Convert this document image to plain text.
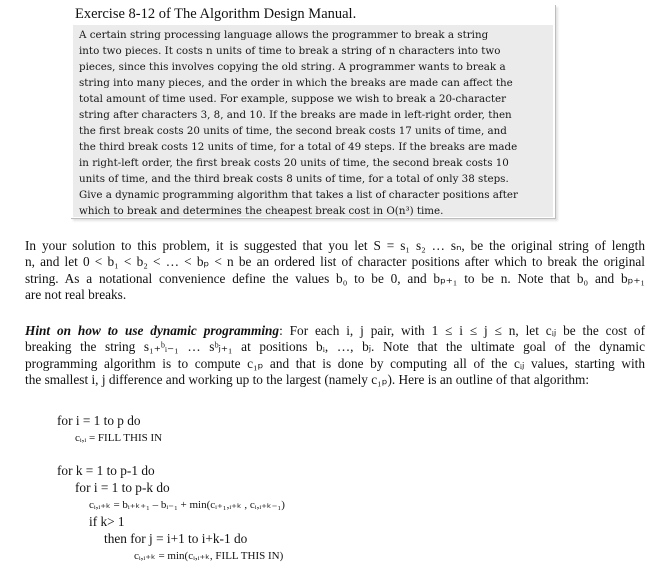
Exercise 8-12 of The Algorithm Design Manual.
A certain string processing language allows the programmer to break a string
into two pieces. It costs n units of time to break a string of n characters into two
pieces, since this involves copying the old string. A programmer wants to break a
string into many pieces, and the order in which the breaks are made can affect the
total amount of time used. For example, suppose we wish to break a 20-character
string after characters 3, 8, and 10. If the breaks are made in left-right order, then
the first break costs 20 units of time, the second break costs 17 units of time, and
the third break costs 12 units of time, for a total of 49 steps. If the breaks are made
in right-left order, the first break costs 20 units of time, the second break costs 10
units of time, and the third break costs 8 units of time, for a total of only 38 steps.
Give a dynamic programming algorithm that takes a list of character positions after
which to break and determines the cheapest break cost in O(n³) time.
In your solution to this problem, it is suggested that you let S = s₁ s₂ … sₙ, be the original string of length
n, and let 0 < b₁ < b₂ < … < bₚ < n be an ordered list of character positions after which to break the original
string. As a notational convenience define the values b₀ to be 0, and bₚ₊₁ to be n. Note that b₀ and bₚ₊₁
are not real breaks.
Hint on how to use dynamic programming: For each i, j pair, with 1 ≤ i ≤ j ≤ n, let cᵢⱼ be the cost of
breaking the string s₁₊ᵇᵢ₋₁ … sᵇⱼ₊₁ at positions bᵢ, …, bⱼ. Note that the ultimate goal of the dynamic
programming algorithm is to compute c₁ₚ and that is done by computing all of the cᵢⱼ values, starting with
the smallest i, j difference and working up to the largest (namely c₁ₚ). Here is an outline of that algorithm:
for i = 1 to p do
cᵢ,ᵢ = FILL THIS IN
for k = 1 to p-1 do
for i = 1 to p-k do
cᵢ,ᵢ₊ₖ = bᵢ₊ₖ₊₁ – bᵢ₋₁ + min(cᵢ₊₁,ᵢ₊ₖ , cᵢ,ᵢ₊ₖ₋₁)
if k> 1
then for j = i+1 to i+k-1 do
cᵢ,ᵢ₊ₖ = min(cᵢ,ᵢ₊ₖ, FILL THIS IN)
